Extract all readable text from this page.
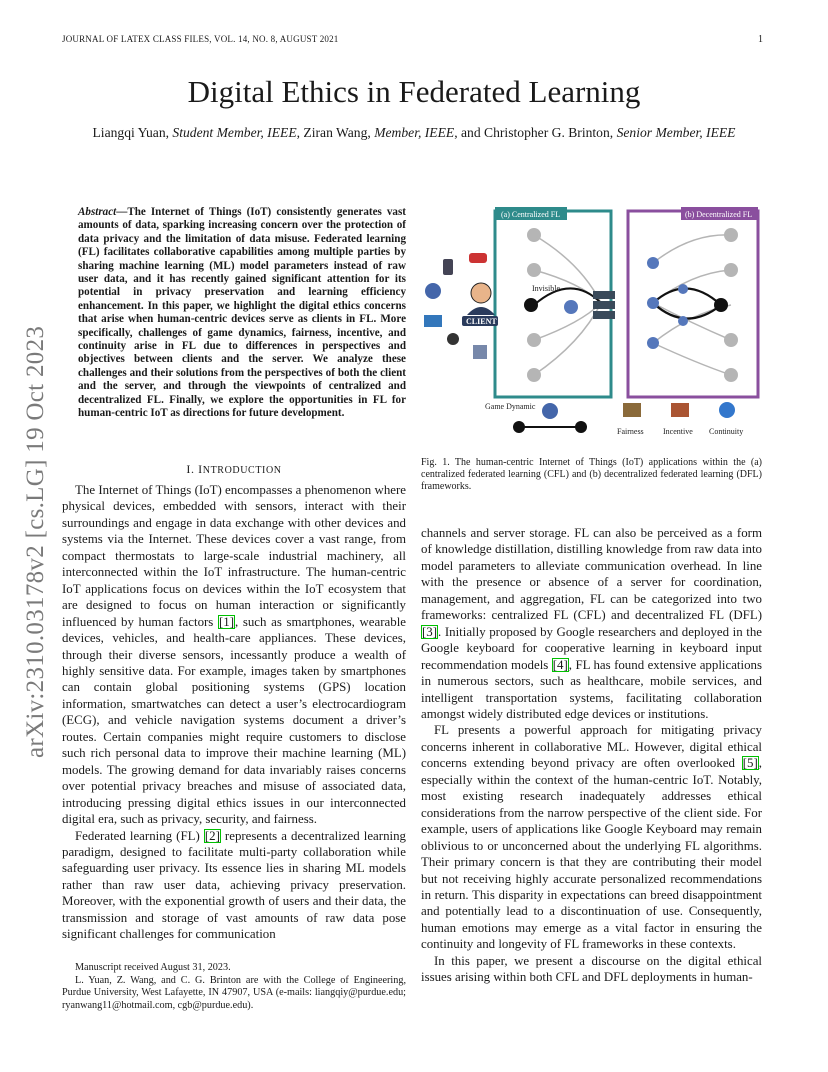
JOURNAL OF LATEX CLASS FILES, VOL. 14, NO. 8, AUGUST 2021	1
Digital Ethics in Federated Learning
Liangqi Yuan, Student Member, IEEE, Ziran Wang, Member, IEEE, and Christopher G. Brinton, Senior Member, IEEE
arXiv:2310.03178v2 [cs.LG] 19 Oct 2023
Abstract—The Internet of Things (IoT) consistently generates vast amounts of data, sparking increasing concern over the protection of data privacy and the limitation of data misuse. Federated learning (FL) facilitates collaborative capabilities among multiple parties by sharing machine learning (ML) model parameters instead of raw user data, and it has recently gained significant attention for its potential in privacy preservation and learning efficiency enhancement. In this paper, we highlight the digital ethics concerns that arise when human-centric devices serve as clients in FL. More specifically, challenges of game dynamics, fairness, incentive, and continuity arise in FL due to differences in perspectives and objectives between clients and the server. We analyze these challenges and their solutions from the perspectives of both the client and the server, and through the viewpoints of centralized and decentralized FL. Finally, we explore the opportunities in FL for human-centric IoT as directions for future development.
I. INTRODUCTION

The Internet of Things (IoT) encompasses a phenomenon where physical devices, embedded with sensors, interact with their surroundings and engage in data exchange with other devices and systems via the Internet. These devices cover a vast range, from compact thermostats to large-scale industrial machinery, all interconnected within the IoT infrastructure. The human-centric IoT applications focus on devices within the IoT ecosystem that are designed to focus on human interaction or significantly influenced by human factors [1], such as smartphones, wearable devices, vehicles, and health-care appliances. These devices, through their diverse sensors, incessantly produce a wealth of highly sensitive data. For example, images taken by smartphones can contain global positioning systems (GPS) location information, smartwatches can detect a user’s electrocardiogram (ECG), and vehicle navigation systems document a driver’s routes. Certain companies might require customers to disclose such rich personal data to improve their machine learning (ML) models. The growing demand for data invariably raises concerns over potential privacy breaches and misuse of associated data, introducing pressing digital ethics issues in our interconnected digital era, such as privacy, security, and fairness.

Federated learning (FL) [2] represents a decentralized learning paradigm, designed to facilitate multi-party collaboration while safeguarding user privacy. Its essence lies in sharing ML models rather than raw user data, achieving privacy preservation. Moreover, with the exponential growth of users and their data, the transmission and storage of vast amounts of raw data pose significant challenges for communication

Manuscript received August 31, 2023.

L. Yuan, Z. Wang, and C. G. Brinton are with the College of Engineering, Purdue University, West Lafayette, IN 47907, USA (e-mails: liangqiy@purdue.edu; ryanwang11@hotmail.com, cgb@purdue.edu).

(a) Centralized FL	(b) Decentralized FL
Invisible
CLIENT
Game Dynamic
Fairness Incentive Continuity
Fig. 1. The human-centric Internet of Things (IoT) applications within the (a) centralized federated learning (CFL) and (b) decentralized federated learning (DFL) frameworks.

channels and server storage. FL can also be perceived as a form of knowledge distillation, distilling knowledge from raw data into model parameters to alleviate communication overhead. In line with the presence or absence of a server for coordination, management, and aggregation, FL can be categorized into two frameworks: centralized FL (CFL) and decentralized FL (DFL) [3]. Initially proposed by Google researchers and deployed in the Google keyboard for cooperative learning in keyboard input recommendation models [4], FL has found extensive applications in numerous sectors, such as healthcare, mobile services, and intelligent transportation systems, facilitating collaboration amongst widely distributed edge devices or institutions.

FL presents a powerful approach for mitigating privacy concerns inherent in collaborative ML. However, digital ethical concerns extending beyond privacy are often overlooked [5], especially within the context of the human-centric IoT. Notably, most existing research inadequately addresses ethical considerations from the narrow perspective of the client side. For example, users of applications like Google Keyboard may remain oblivious to or unconcerned about the underlying FL algorithms. Their primary concern is that they are contributing their model but not receiving highly accurate personalized recommendations in return. This disparity in expectations can breed disappointment and potentially lead to a discontinuation of use. Consequently, human emotions may emerge as a vital factor in ensuring the continuity and longevity of FL frameworks in these contexts.

In this paper, we present a discourse on the digital ethical issues arising within both CFL and DFL deployments in human-
